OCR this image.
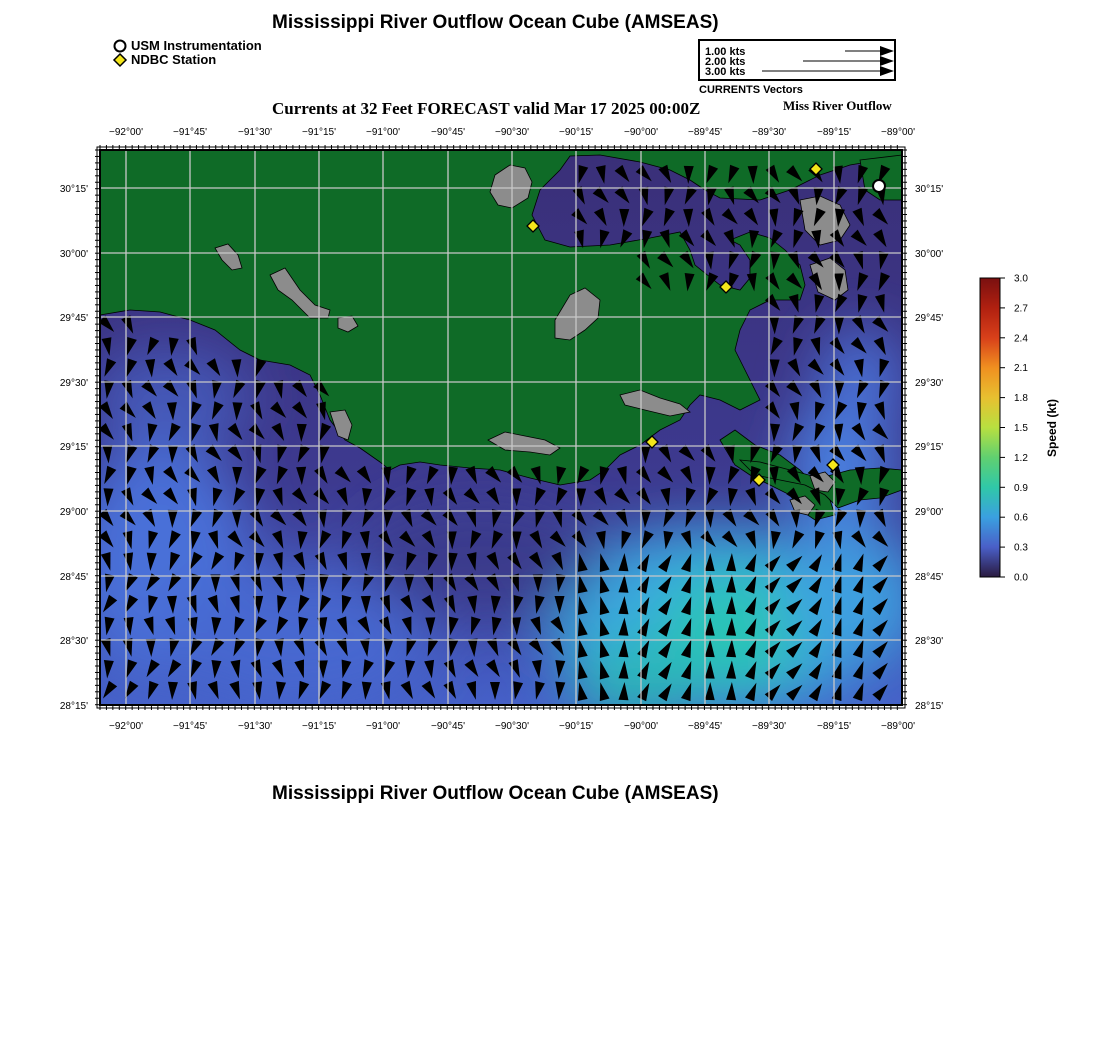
Mississippi River Outflow Ocean Cube (AMSEAS)
USM Instrumentation
NDBC Station	1.00 kts
2.00 kts
3.00 kts
CURRENTS Vectors
Currents at 32 Feet FORECAST valid Mar 17 2025 00:00Z	Miss River Outflow
−92°00'	−91°45'	−91°30'	−91°15'	−91°00'	−90°45'	−90°30'	−90°15'	−90°00'	−89°45'	−89°30'	−89°15'	−89°00'
−92°00'	−91°45'	−91°30'	−91°15'	−91°00'	−90°45'	−90°30'	−90°15'	−90°00'	−89°45'	−89°30'	−89°15'	−89°00'
30°15'
30°00'
29°45'
29°30'
29°15'
29°00'
28°45'
28°30'
28°15'
30°15'
30°00'
29°45'
29°30'
29°15'
29°00'
28°45'
28°30'
28°15'
3.0
2.7
2.4
2.1
1.8
1.5
1.2
0.9
0.6
0.3
0.0
Speed (kt)
Mississippi River Outflow Ocean Cube (AMSEAS)
